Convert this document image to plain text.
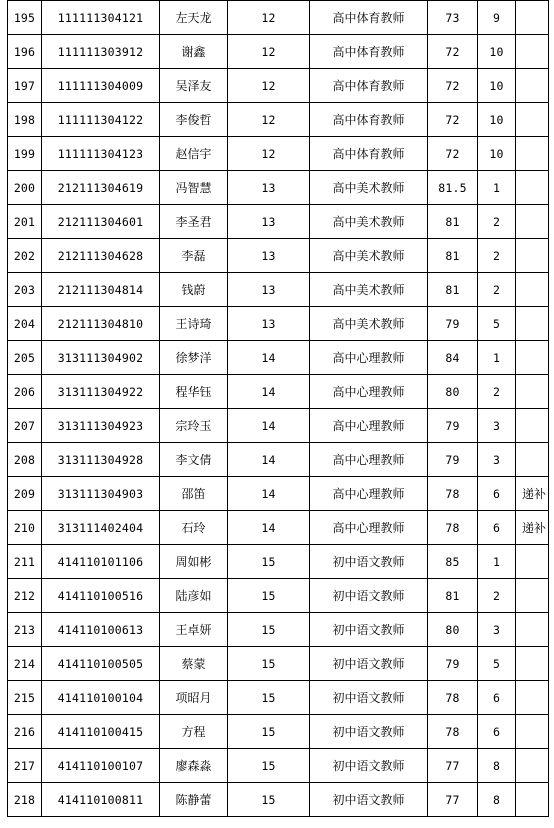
195	111111304121	左天龙	12	高中体育教师	73	9	
196	111111303912	谢鑫	12	高中体育教师	72	10	
197	111111304009	吴泽友	12	高中体育教师	72	10	
198	111111304122	李俊哲	12	高中体育教师	72	10	
199	111111304123	赵信宇	12	高中体育教师	72	10	
200	212111304619	冯智慧	13	高中美术教师	81.5	1	
201	212111304601	李圣君	13	高中美术教师	81	2	
202	212111304628	李磊	13	高中美术教师	81	2	
203	212111304814	钱蔚	13	高中美术教师	81	2	
204	212111304810	王诗琦	13	高中美术教师	79	5	
205	313111304902	徐梦洋	14	高中心理教师	84	1	
206	313111304922	程华钰	14	高中心理教师	80	2	
207	313111304923	宗玲玉	14	高中心理教师	79	3	
208	313111304928	李文倩	14	高中心理教师	79	3	
209	313111304903	邵笛	14	高中心理教师	78	6	递补
210	313111402404	石玲	14	高中心理教师	78	6	递补
211	414110101106	周如彬	15	初中语文教师	85	1	
212	414110100516	陆彦如	15	初中语文教师	81	2	
213	414110100613	王卓妍	15	初中语文教师	80	3	
214	414110100505	蔡蒙	15	初中语文教师	79	5	
215	414110100104	项昭月	15	初中语文教师	78	6	
216	414110100415	方程	15	初中语文教师	78	6	
217	414110100107	廖森淼	15	初中语文教师	77	8	
218	414110100811	陈静蕾	15	初中语文教师	77	8	
